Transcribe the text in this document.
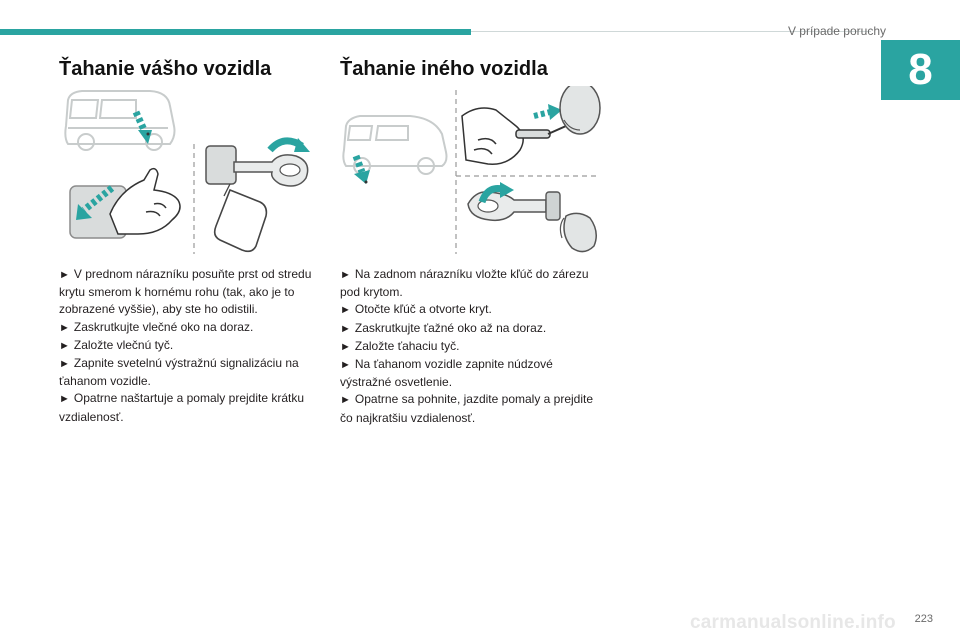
V prípade poruchy
8
Ťahanie vášho vozidla	Ťahanie iného vozidla

► V prednom nárazníku posuňte prst od stredu

krytu smerom k hornému rohu (tak, ako je to

zobrazené vyššie), aby ste ho odistili.

► Zaskrutkujte vlečné oko na doraz.

► Založte vlečnú tyč.

► Zapnite svetelnú výstražnú signalizáciu na

ťahanom vozidle.

► Opatrne naštartuje a pomaly prejdite krátku

vzdialenosť.

► Na zadnom nárazníku vložte kľúč do zárezu

pod krytom.

► Otočte kľúč a otvorte kryt.

► Zaskrutkujte ťažné oko až na doraz.

► Založte ťahaciu tyč.

► Na ťahanom vozidle zapnite núdzové

výstražné osvetlenie.

► Opatrne sa pohnite, jazdite pomaly a prejdite

čo najkratšiu vzdialenosť.

carmanualsonline.info 223
